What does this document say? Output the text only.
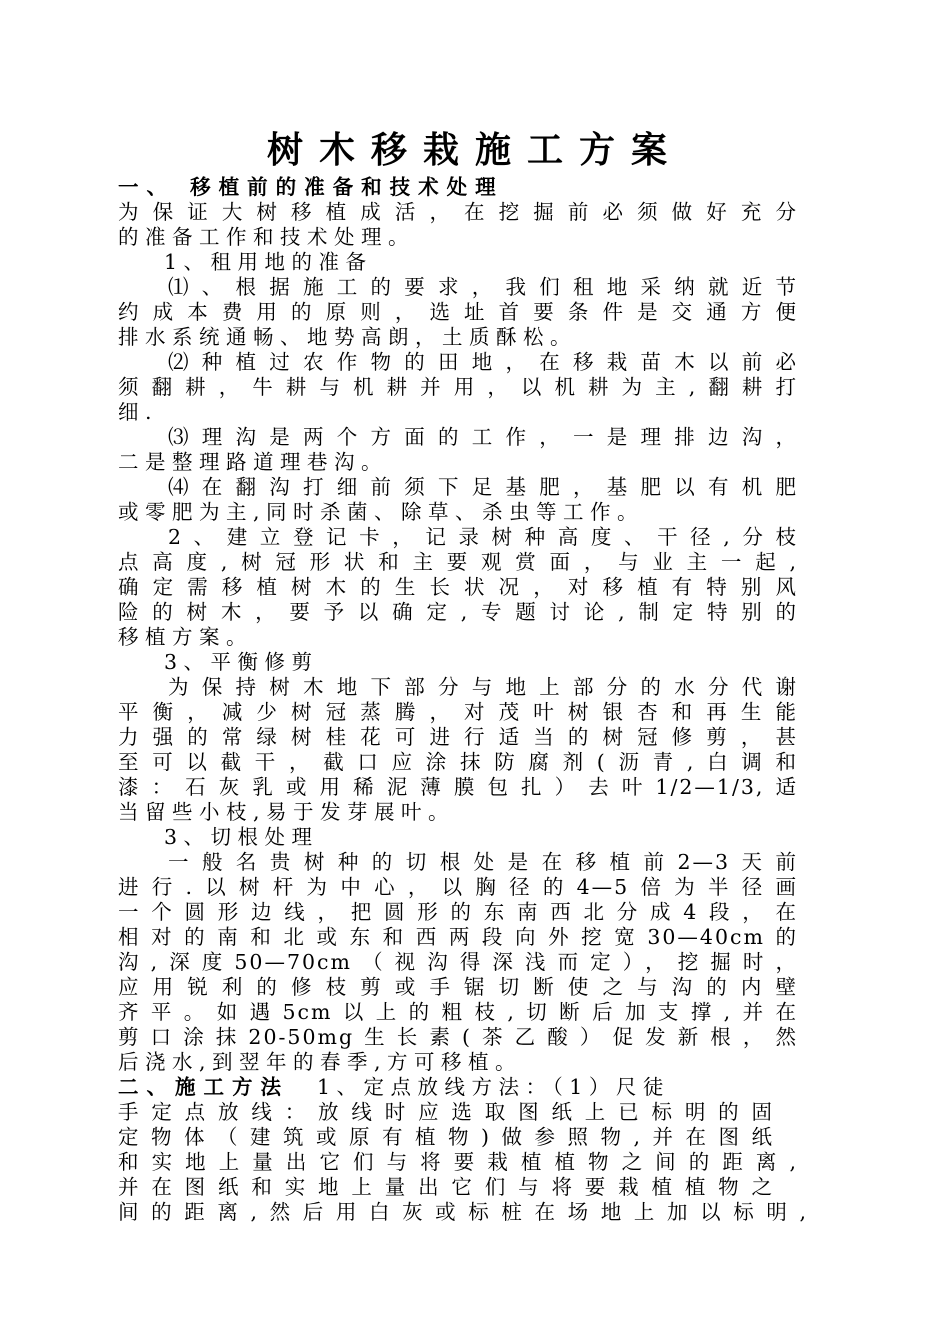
树木移栽施工方案
一、 移植前的准备和技术处理
为保证大树移植成活，在挖掘前必须做好充分
的准备工作和技术处理。
1、租用地的准备
⑴、根据施工的要求，我们租地采纳就近节
约成本费用的原则，选址首要条件是交通方便
排水系统通畅、地势高朗，土质酥松。
⑵种植过农作物的田地，在移栽苗木以前必
须翻耕，牛耕与机耕并用，以机耕为主,翻耕打
细.
⑶理沟是两个方面的工作，一是理排边沟，
二是整理路道理巷沟。
⑷在翻沟打细前须下足基肥，基肥以有机肥
或零肥为主,同时杀菌、除草、杀虫等工作。
2、建立登记卡，记录树种高度、干径,分枝
点高度,树冠形状和主要观赏面，与业主一起,
确定需移植树木的生长状况，对移植有特别风
险的树木，要予以确定,专题讨论,制定特别的
移植方案。
3、平衡修剪
为保持树木地下部分与地上部分的水分代谢
平衡，减少树冠蒸腾，对茂叶树银杏和再生能
力强的常绿树桂花可进行适当的树冠修剪，甚
至可以截干，截口应涂抹防腐剂(沥青,白调和
漆：石灰乳或用稀泥薄膜包扎）去叶1/2—1/3,适
当留些小枝,易于发芽展叶。
3、切根处理
一般名贵树种的切根处是在移植前2—3天前
进行.以树杆为中心，以胸径的4—5倍为半径画
一个圆形边线，把圆形的东南西北分成4段，在
相对的南和北或东和西两段向外挖宽30—40cm的
沟,深度50—70cm（视沟得深浅而定），挖掘时，
应用锐利的修枝剪或手锯切断使之与沟的内壁
齐平。如遇5cm以上的粗枝,切断后加支撑,并在
剪口涂抹20-50mg生长素(茶乙酸）促发新根，然
后浇水,到翌年的春季,方可移植。
二、施工方法 1、定点放线方法：（1）尺徒
手定点放线：放线时应选取图纸上已标明的固
定物体（建筑或原有植物)做参照物,并在图纸
和实地上量出它们与将要栽植植物之间的距离,
并在图纸和实地上量出它们与将要栽植植物之
间的距离,然后用白灰或标桩在场地上加以标明,
